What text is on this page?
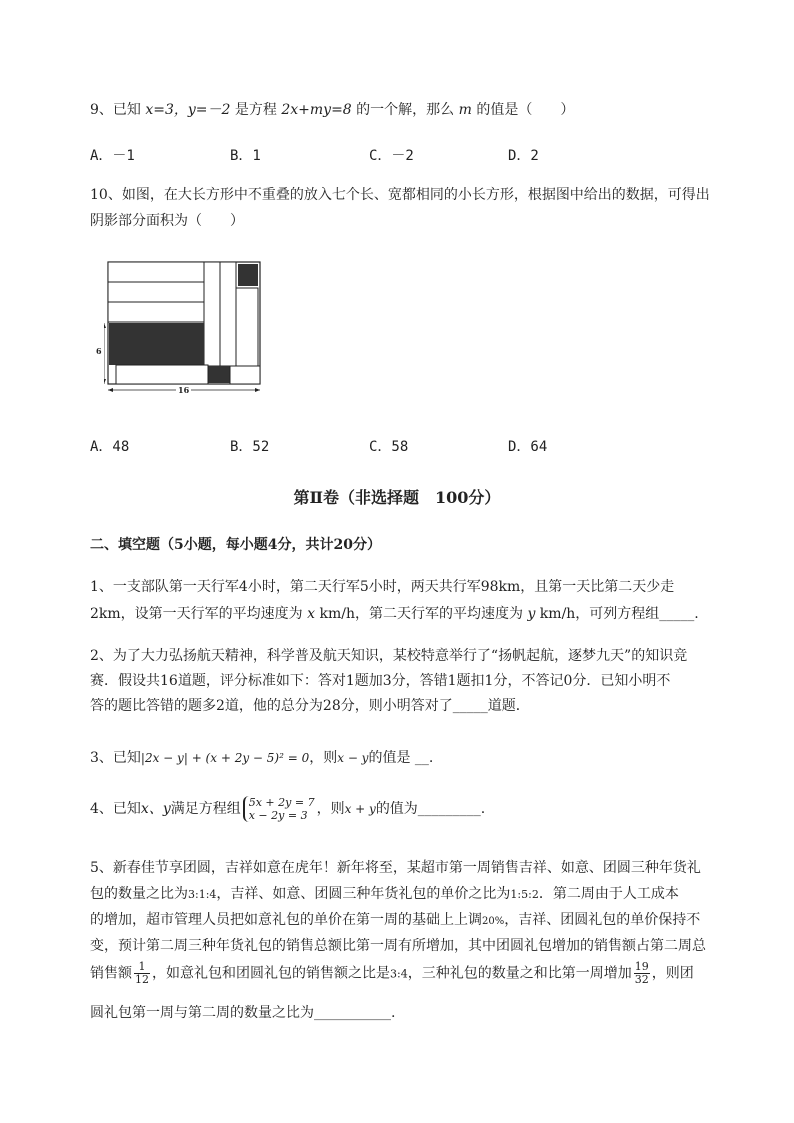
9、已知 x=3，y=－2 是方程 2x+my=8 的一个解，那么 m 的值是（　　）
A．－1	B．1	C．－2	D．2
10、如图，在大长方形中不重叠的放入七个长、宽都相同的小长方形，根据图中给出的数据，可得出
阴影部分面积为（　　）
6
16
A．48	B．52	C．58	D．64
第Ⅱ卷（非选择题　100分）
二、填空题（5小题，每小题4分，共计20分）
1、一支部队第一天行军4小时，第二天行军5小时，两天共行军98km，且第一天比第二天少走
2km，设第一天行军的平均速度为 x km/h，第二天行军的平均速度为 y km/h，可列方程组_____.
2、为了大力弘扬航天精神，科学普及航天知识，某校特意举行了“扬帆起航，逐梦九天”的知识竞
赛．假设共16道题，评分标准如下：答对1题加3分，答错1题扣1分，不答记0分．已知小明不
答的题比答错的题多2道，他的总分为28分，则小明答对了_____道题．
3、已知|2x − y| + (x + 2y − 5)² = 0，则x − y的值是 __.
4、已知x、y满足方程组 5x + 2y = 7
x − 2y = 3 ，则x + y的值为_________.
5、新春佳节享团圆，吉祥如意在虎年！新年将至，某超市第一周销售吉祥、如意、团圆三种年货礼
包的数量之比为3:1:4，吉祥、如意、团圆三种年货礼包的单价之比为1:5:2．第二周由于人工成本
的增加，超市管理人员把如意礼包的单价在第一周的基础上上调20%，吉祥、团圆礼包的单价保持不
变，预计第二周三种年货礼包的销售总额比第一周有所增加，其中团圆礼包增加的销售额占第二周总
销售额 $\frac{1}{12}$ ，如意礼包和团圆礼包的销售额之比是3:4，三种礼包的数量之和比第一周增加 $\frac{19}{32}$ ，则团
圆礼包第一周与第二周的数量之比为___________.
